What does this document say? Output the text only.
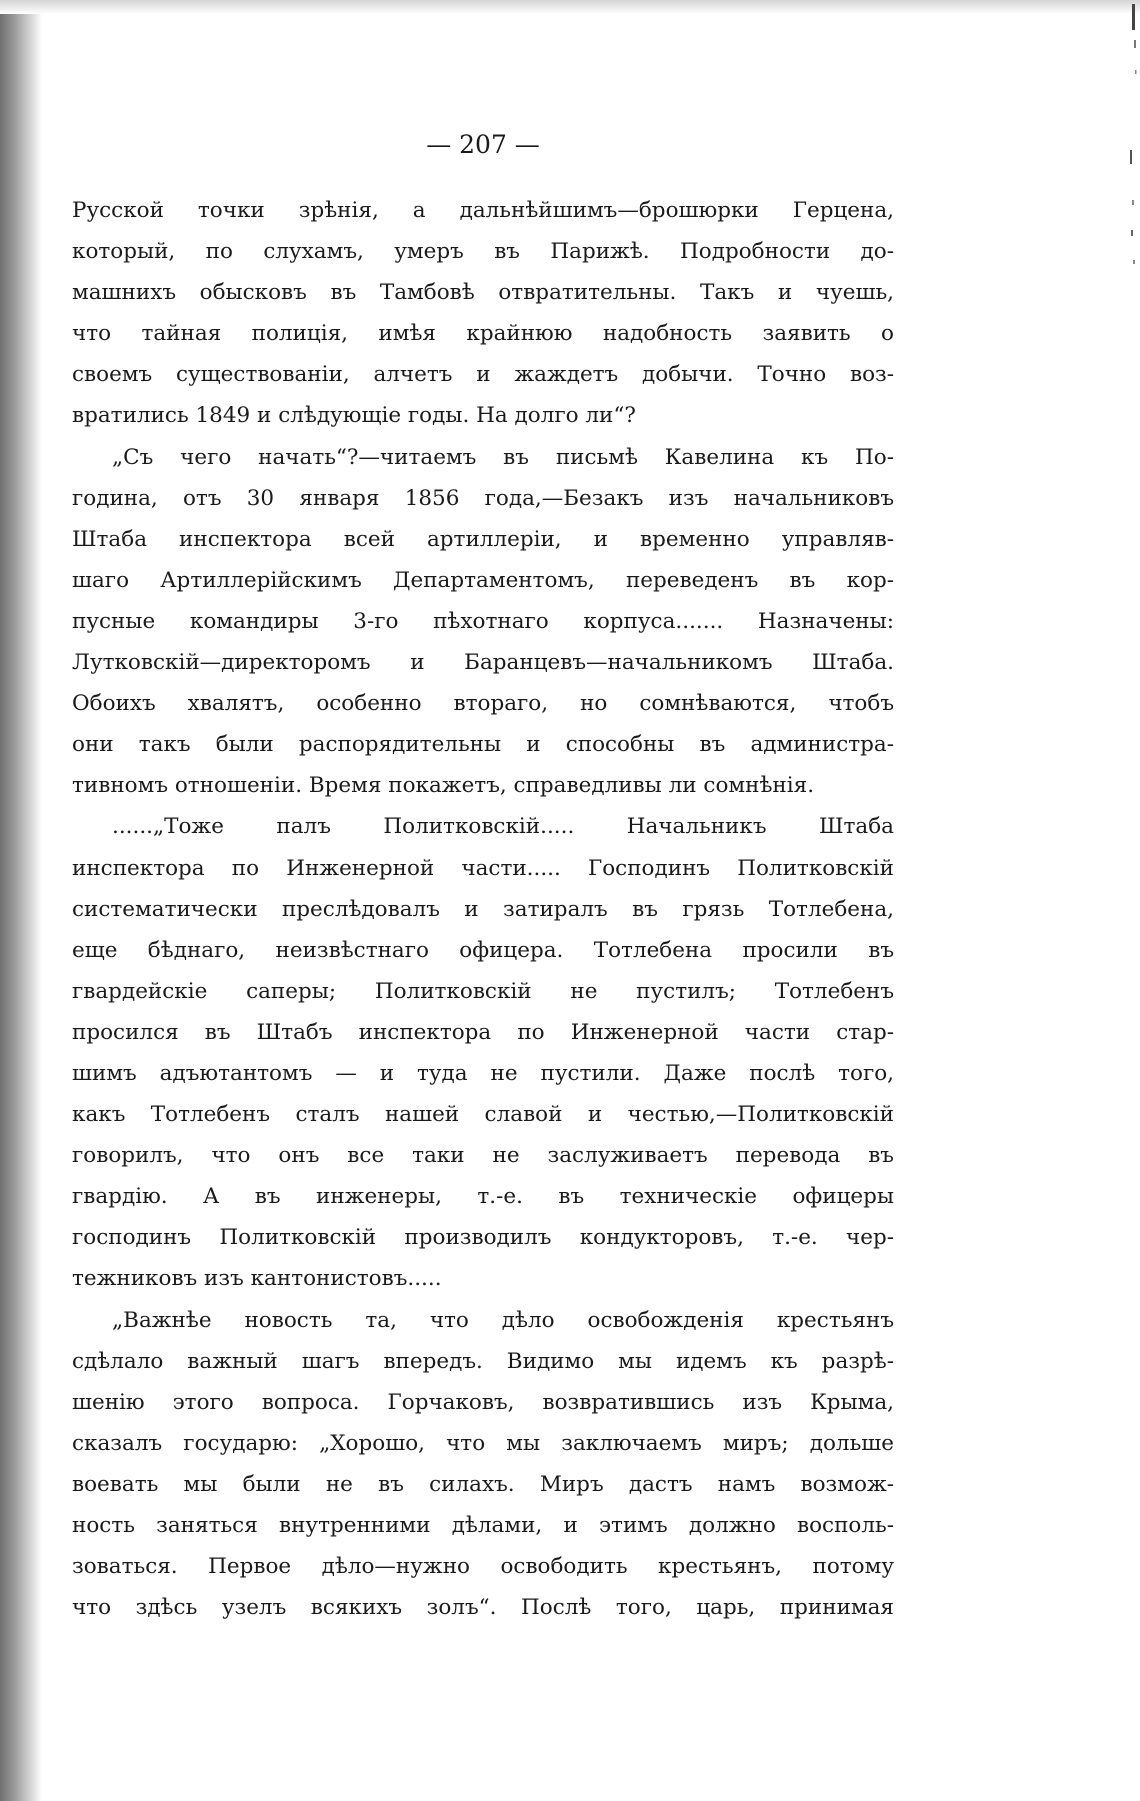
— 207 —
Русской точки зрѣнія, а дальнѣйшимъ—брошюрки Герцена,
который, по слухамъ, умеръ въ Парижѣ. Подробности до-
машнихъ обысковъ въ Тамбовѣ отвратительны. Такъ и чуешь,
что тайная полиція, имѣя крайнюю надобность заявить о
своемъ существованіи, алчетъ и жаждетъ добычи. Точно воз-
вратились 1849 и слѣдующіе годы. На долго ли“?
„Съ чего начать“?—читаемъ въ письмѣ Кавелина къ По-
година, отъ 30 января 1856 года,—Безакъ изъ начальниковъ
Штаба инспектора всей артиллеріи, и временно управляв-
шаго Артиллерійскимъ Департаментомъ, переведенъ въ кор-
пусные командиры 3-го пѣхотнаго корпуса....... Назначены:
Лутковскій—директоромъ и Баранцевъ—начальникомъ Штаба.
Обоихъ хвалятъ, особенно втораго, но сомнѣваются, чтобъ
они такъ были распорядительны и способны въ администра-
тивномъ отношеніи. Время покажетъ, справедливы ли сомнѣнія.
......„Тоже палъ Политковскій..... Начальникъ Штаба
инспектора по Инженерной части..... Господинъ Политковскій
систематически преслѣдовалъ и затиралъ въ грязь Тотлебена,
еще бѣднаго, неизвѣстнаго офицера. Тотлебена просили въ
гвардейскіе саперы; Политковскій не пустилъ; Тотлебенъ
просился въ Штабъ инспектора по Инженерной части стар-
шимъ адъютантомъ — и туда не пустили. Даже послѣ того,
какъ Тотлебенъ сталъ нашей славой и честью,—Политковскій
говорилъ, что онъ все таки не заслуживаетъ перевода въ
гвардію. А въ инженеры, т.-е. въ техническіе офицеры
господинъ Политковскій производилъ кондукторовъ, т.-е. чер-
тежниковъ изъ кантонистовъ.....
„Важнѣе новость та, что дѣло освобожденія крестьянъ
сдѣлало важный шагъ впередъ. Видимо мы идемъ къ разрѣ-
шенію этого вопроса. Горчаковъ, возвратившись изъ Крыма,
сказалъ государю: „Хорошо, что мы заключаемъ миръ; дольше
воевать мы были не въ силахъ. Миръ дастъ намъ возмож-
ность заняться внутренними дѣлами, и этимъ должно восполь-
зоваться. Первое дѣло—нужно освободить крестьянъ, потому
что здѣсь узелъ всякихъ золъ“. Послѣ того, царь, принимая
